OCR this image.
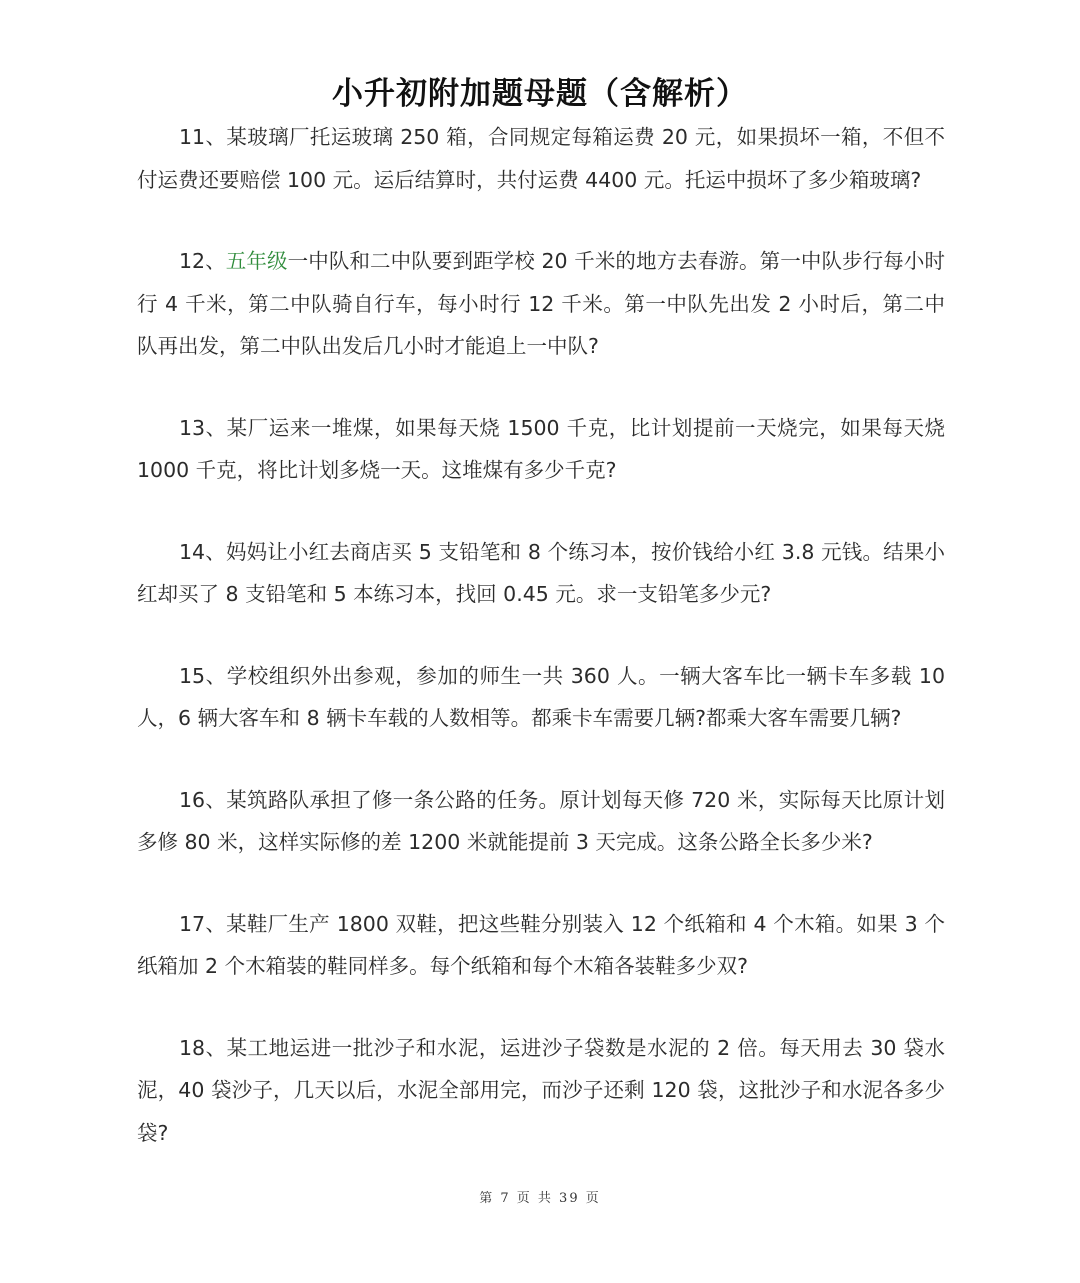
小升初附加题母题（含解析）

11、某玻璃厂托运玻璃 250 箱，合同规定每箱运费 20 元，如果损坏一箱，不但不付运费还要赔偿 100 元。运后结算时，共付运费 4400 元。托运中损坏了多少箱玻璃?

12、五年级一中队和二中队要到距学校 20 千米的地方去春游。第一中队步行每小时行 4 千米，第二中队骑自行车，每小时行 12 千米。第一中队先出发 2 小时后，第二中队再出发，第二中队出发后几小时才能追上一中队?

13、某厂运来一堆煤，如果每天烧 1500 千克，比计划提前一天烧完，如果每天烧 1000 千克，将比计划多烧一天。这堆煤有多少千克?

14、妈妈让小红去商店买 5 支铅笔和 8 个练习本，按价钱给小红 3.8 元钱。结果小红却买了 8 支铅笔和 5 本练习本，找回 0.45 元。求一支铅笔多少元?

15、学校组织外出参观，参加的师生一共 360 人。一辆大客车比一辆卡车多载 10 人，6 辆大客车和 8 辆卡车载的人数相等。都乘卡车需要几辆?都乘大客车需要几辆?

16、某筑路队承担了修一条公路的任务。原计划每天修 720 米，实际每天比原计划多修 80 米，这样实际修的差 1200 米就能提前 3 天完成。这条公路全长多少米?

17、某鞋厂生产 1800 双鞋，把这些鞋分别装入 12 个纸箱和 4 个木箱。如果 3 个纸箱加 2 个木箱装的鞋同样多。每个纸箱和每个木箱各装鞋多少双?

18、某工地运进一批沙子和水泥，运进沙子袋数是水泥的 2 倍。每天用去 30 袋水泥，40 袋沙子，几天以后，水泥全部用完，而沙子还剩 120 袋，这批沙子和水泥各多少袋?

第 7 页 共 39 页
